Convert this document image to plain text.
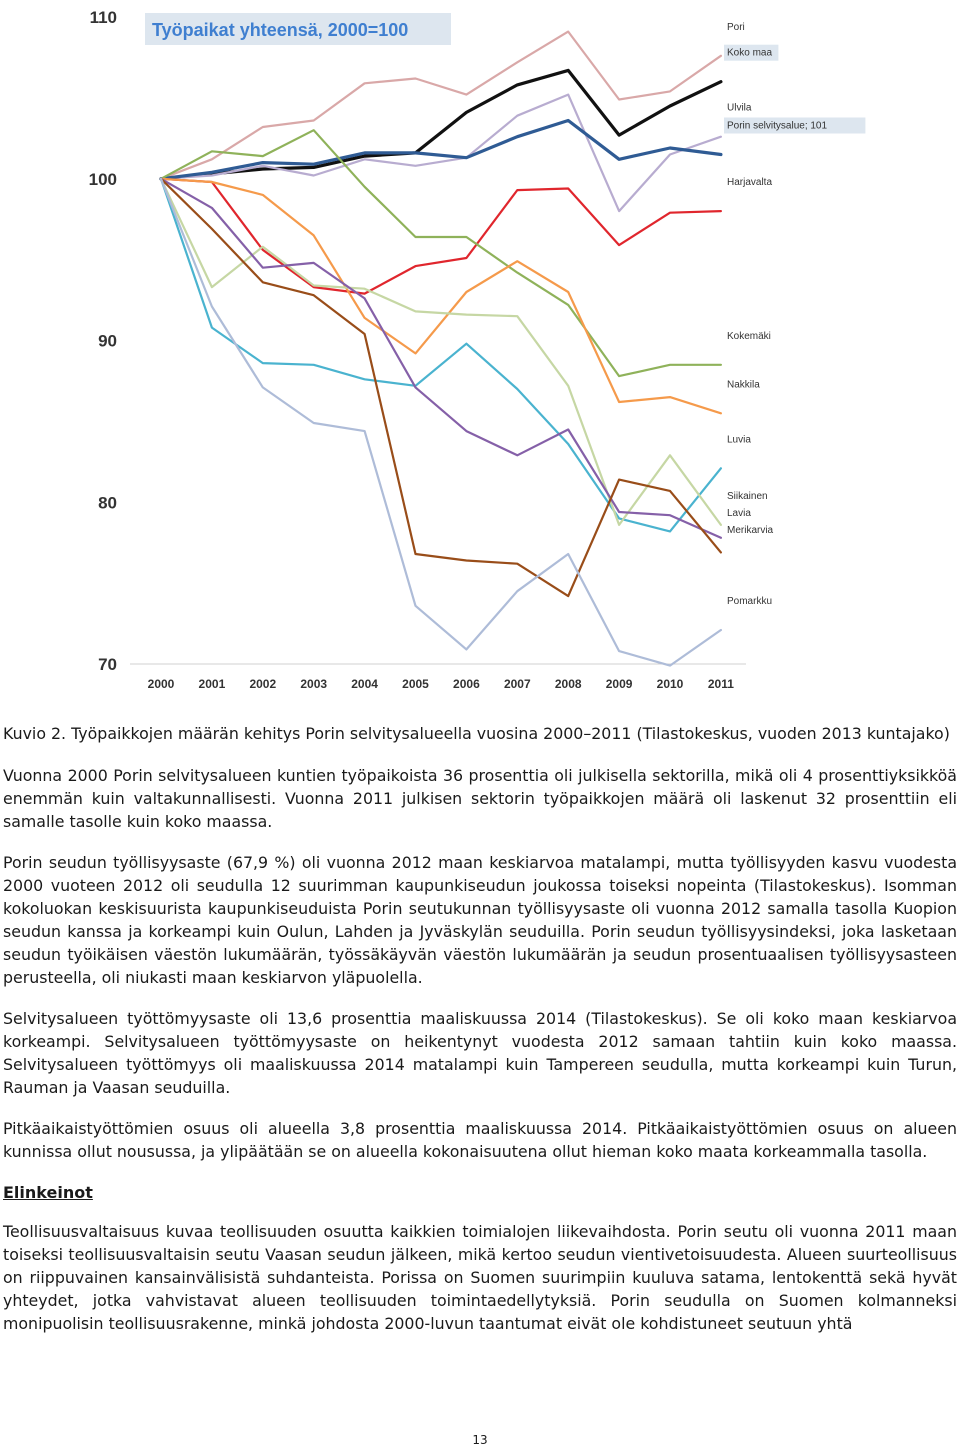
Työpaikat yhteensä, 2000=100
70
80
90
100
110
2000 2001 2002 2003 2004 2005 2006 2007 2008 2009 2010 2011
Pori
Koko maa
Ulvila
Porin selvitysalue; 101
Harjavalta
Kokemäki
Nakkila
Luvia
Siikainen
Lavia
Merikarvia
Pomarkku

Kuvio 2. Työpaikkojen määrän kehitys Porin selvitysalueella vuosina 2000–2011 (Tilastokeskus, vuoden 2013 kuntajako)

Vuonna 2000 Porin selvitysalueen kuntien työpaikoista 36 prosenttia oli julkisella sektorilla, mikä oli 4 prosenttiyksikköä enemmän kuin valtakunnallisesti. Vuonna 2011 julkisen sektorin työpaikkojen määrä oli laskenut 32 prosenttiin eli samalle tasolle kuin koko maassa.

Porin seudun työllisyysaste (67,9 %) oli vuonna 2012 maan keskiarvoa matalampi, mutta työllisyyden kasvu vuodesta 2000 vuoteen 2012 oli seudulla 12 suurimman kaupunkiseudun joukossa toiseksi nopeinta (Tilastokeskus). Isomman kokoluokan keskisuurista kaupunkiseuduista Porin seutukunnan työllisyysaste oli vuonna 2012 samalla tasolla Kuopion seudun kanssa ja korkeampi kuin Oulun, Lahden ja Jyväskylän seuduilla. Porin seudun työllisyysindeksi, joka lasketaan seudun työikäisen väestön lukumäärän, työssäkäyvän väestön lukumäärän ja seudun prosentuaalisen työllisyysasteen perusteella, oli niukasti maan keskiarvon yläpuolella.

Selvitysalueen työttömyysaste oli 13,6 prosenttia maaliskuussa 2014 (Tilastokeskus). Se oli koko maan keskiarvoa korkeampi. Selvitysalueen työttömyysaste on heikentynyt vuodesta 2012 samaan tahtiin kuin koko maassa. Selvitysalueen työttömyys oli maaliskuussa 2014 matalampi kuin Tampereen seudulla, mutta korkeampi kuin Turun, Rauman ja Vaasan seuduilla.

Pitkäaikaistyöttömien osuus oli alueella 3,8 prosenttia maaliskuussa 2014. Pitkäaikaistyöttömien osuus on alueen kunnissa ollut nousussa, ja ylipäätään se on alueella kokonaisuutena ollut hieman koko maata korkeammalla tasolla.

Elinkeinot

Teollisuusvaltaisuus kuvaa teollisuuden osuutta kaikkien toimialojen liikevaihdosta. Porin seutu oli vuonna 2011 maan toiseksi teollisuusvaltaisin seutu Vaasan seudun jälkeen, mikä kertoo seudun vientivetoisuudesta. Alueen suurteollisuus on riippuvainen kansainvälisistä suhdanteista. Porissa on Suomen suurimpiin kuuluva satama, lentokenttä sekä hyvät yhteydet, jotka vahvistavat alueen teollisuuden toimintaedellytyksiä. Porin seudulla on Suomen kolmanneksi monipuolisin teollisuusrakenne, minkä johdosta 2000-luvun taantumat eivät ole kohdistuneet seutuun yhtä

13
